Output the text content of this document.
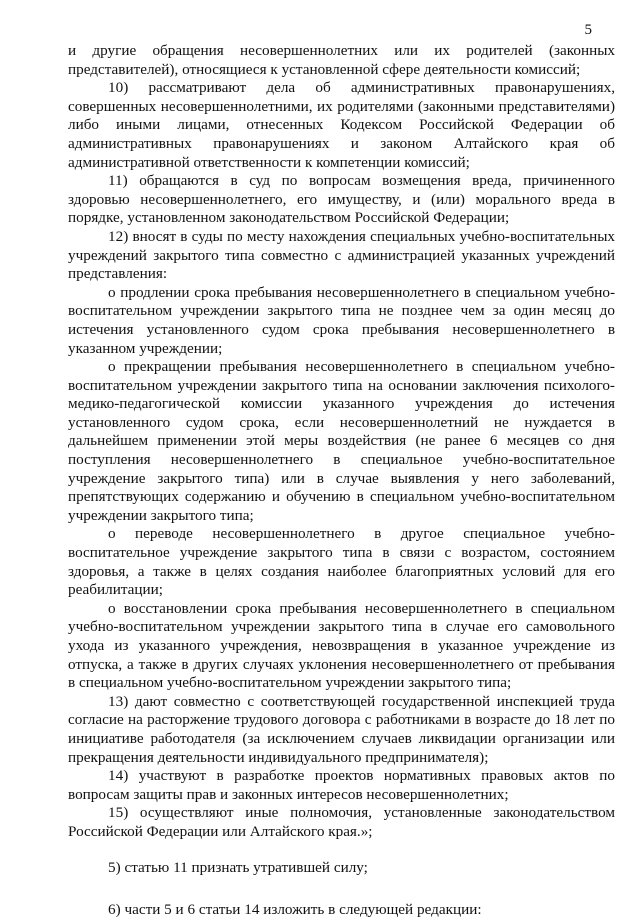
5

и другие обращения несовершеннолетних или их родителей (законных представителей), относящиеся к установленной сфере деятельности комиссий;

10) рассматривают дела об административных правонарушениях, совершенных несовершеннолетними, их родителями (законными представителями) либо иными лицами, отнесенных Кодексом Российской Федерации об административных правонарушениях и законом Алтайского края об административной ответственности к компетенции комиссий;

11) обращаются в суд по вопросам возмещения вреда, причиненного здоровью несовершеннолетнего, его имуществу, и (или) морального вреда в порядке, установленном законодательством Российской Федерации;

12) вносят в суды по месту нахождения специальных учебно-воспитательных учреждений закрытого типа совместно с администрацией указанных учреждений представления:

о продлении срока пребывания несовершеннолетнего в специальном учебно-воспитательном учреждении закрытого типа не позднее чем за один месяц до истечения установленного судом срока пребывания несовершеннолетнего в указанном учреждении;

о прекращении пребывания несовершеннолетнего в специальном учебно-воспитательном учреждении закрытого типа на основании заключения психолого-медико-педагогической комиссии указанного учреждения до истечения установленного судом срока, если несовершеннолетний не нуждается в дальнейшем применении этой меры воздействия (не ранее 6 месяцев со дня поступления несовершеннолетнего в специальное учебно-воспитательное учреждение закрытого типа) или в случае выявления у него заболеваний, препятствующих содержанию и обучению в специальном учебно-воспитательном учреждении закрытого типа;

о переводе несовершеннолетнего в другое специальное учебно-воспитательное учреждение закрытого типа в связи с возрастом, состоянием здоровья, а также в целях создания наиболее благоприятных условий для его реабилитации;

о восстановлении срока пребывания несовершеннолетнего в специальном учебно-воспитательном учреждении закрытого типа в случае его самовольного ухода из указанного учреждения, невозвращения в указанное учреждение из отпуска, а также в других случаях уклонения несовершеннолетнего от пребывания в специальном учебно-воспитательном учреждении закрытого типа;

13) дают совместно с соответствующей государственной инспекцией труда согласие на расторжение трудового договора с работниками в возрасте до 18 лет по инициативе работодателя (за исключением случаев ликвидации организации или прекращения деятельности индивидуального предпринимателя);

14) участвуют в разработке проектов нормативных правовых актов по вопросам защиты прав и законных интересов несовершеннолетних;

15) осуществляют иные полномочия, установленные законодательством Российской Федерации или Алтайского края.»;

5) статью 11 признать утратившей силу;

6) части 5 и 6 статьи 14 изложить в следующей редакции:
